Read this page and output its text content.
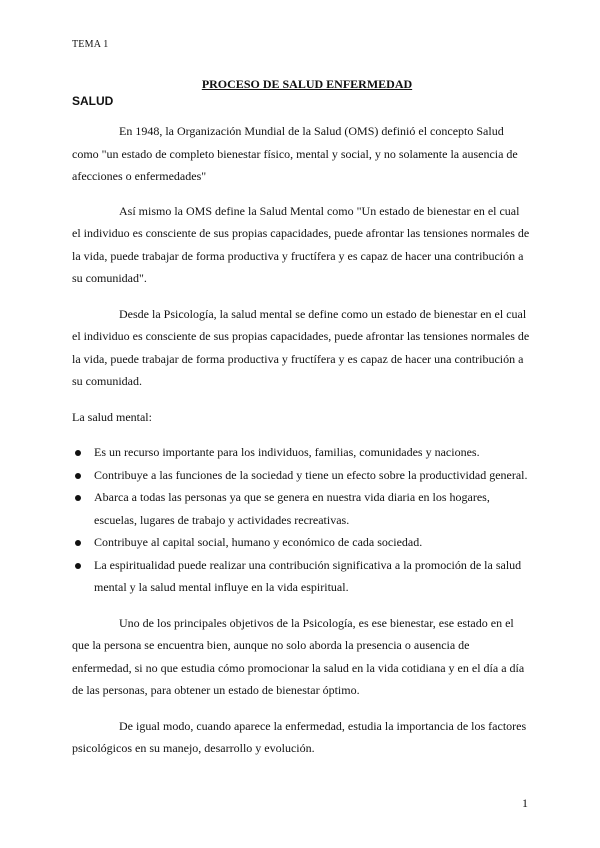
TEMA 1
PROCESO DE SALUD ENFERMEDAD
SALUD

En 1948, la Organización Mundial de la Salud (OMS) definió el concepto Salud como "un estado de completo bienestar físico, mental y social, y no solamente la ausencia de afecciones o enfermedades"

Así mismo la OMS define la Salud Mental como "Un estado de bienestar en el cual el individuo es consciente de sus propias capacidades, puede afrontar las tensiones normales de la vida, puede trabajar de forma productiva y fructífera y es capaz de hacer una contribución a su comunidad".

Desde la Psicología, la salud mental se define como un estado de bienestar en el cual el individuo es consciente de sus propias capacidades, puede afrontar las tensiones normales de la vida, puede trabajar de forma productiva y fructífera y es capaz de hacer una contribución a su comunidad.

La salud mental:

Es un recurso importante para los individuos, familias, comunidades y naciones.
Contribuye a las funciones de la sociedad y tiene un efecto sobre la productividad general.
Abarca a todas las personas ya que se genera en nuestra vida diaria en los hogares, escuelas, lugares de trabajo y actividades recreativas.
Contribuye al capital social, humano y económico de cada sociedad.
La espiritualidad puede realizar una contribución significativa a la promoción de la salud mental y la salud mental influye en la vida espiritual.

Uno de los principales objetivos de la Psicología, es ese bienestar, ese estado en el que la persona se encuentra bien, aunque no solo aborda la presencia o ausencia de enfermedad, si no que estudia cómo promocionar la salud en la vida cotidiana y en el día a día de las personas, para obtener un estado de bienestar óptimo.

De igual modo, cuando aparece la enfermedad, estudia la importancia de los factores psicológicos en su manejo, desarrollo y evolución.

1
